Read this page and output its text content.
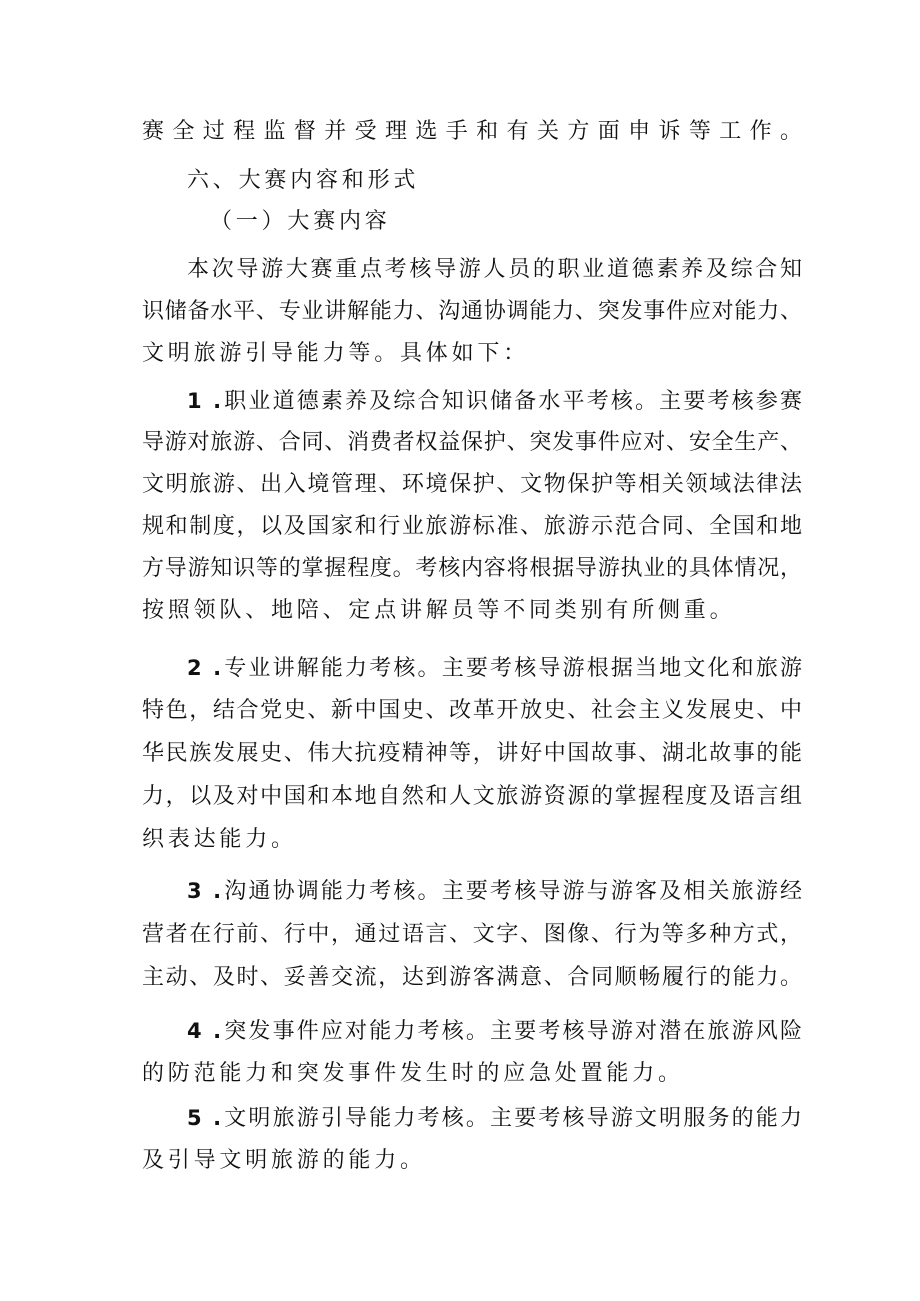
赛全过程监督并受理选手和有关方面申诉等工作。
六、大赛内容和形式
（一）大赛内容
本次导游大赛重点考核导游人员的职业道德素养及综合知
识储备水平、专业讲解能力、沟通协调能力、突发事件应对能力、
文明旅游引导能力等。具体如下：
1 .职业道德素养及综合知识储备水平考核。主要考核参赛
导游对旅游、合同、消费者权益保护、突发事件应对、安全生产、
文明旅游、出入境管理、环境保护、文物保护等相关领域法律法
规和制度，以及国家和行业旅游标准、旅游示范合同、全国和地
方导游知识等的掌握程度。考核内容将根据导游执业的具体情况，
按照领队、地陪、定点讲解员等不同类别有所侧重。
2 .专业讲解能力考核。主要考核导游根据当地文化和旅游
特色，结合党史、新中国史、改革开放史、社会主义发展史、中
华民族发展史、伟大抗疫精神等，讲好中国故事、湖北故事的能
力，以及对中国和本地自然和人文旅游资源的掌握程度及语言组
织表达能力。
3 .沟通协调能力考核。主要考核导游与游客及相关旅游经
营者在行前、行中，通过语言、文字、图像、行为等多种方式，
主动、及时、妥善交流，达到游客满意、合同顺畅履行的能力。
4 .突发事件应对能力考核。主要考核导游对潜在旅游风险
的防范能力和突发事件发生时的应急处置能力。
5 .文明旅游引导能力考核。主要考核导游文明服务的能力
及引导文明旅游的能力。
